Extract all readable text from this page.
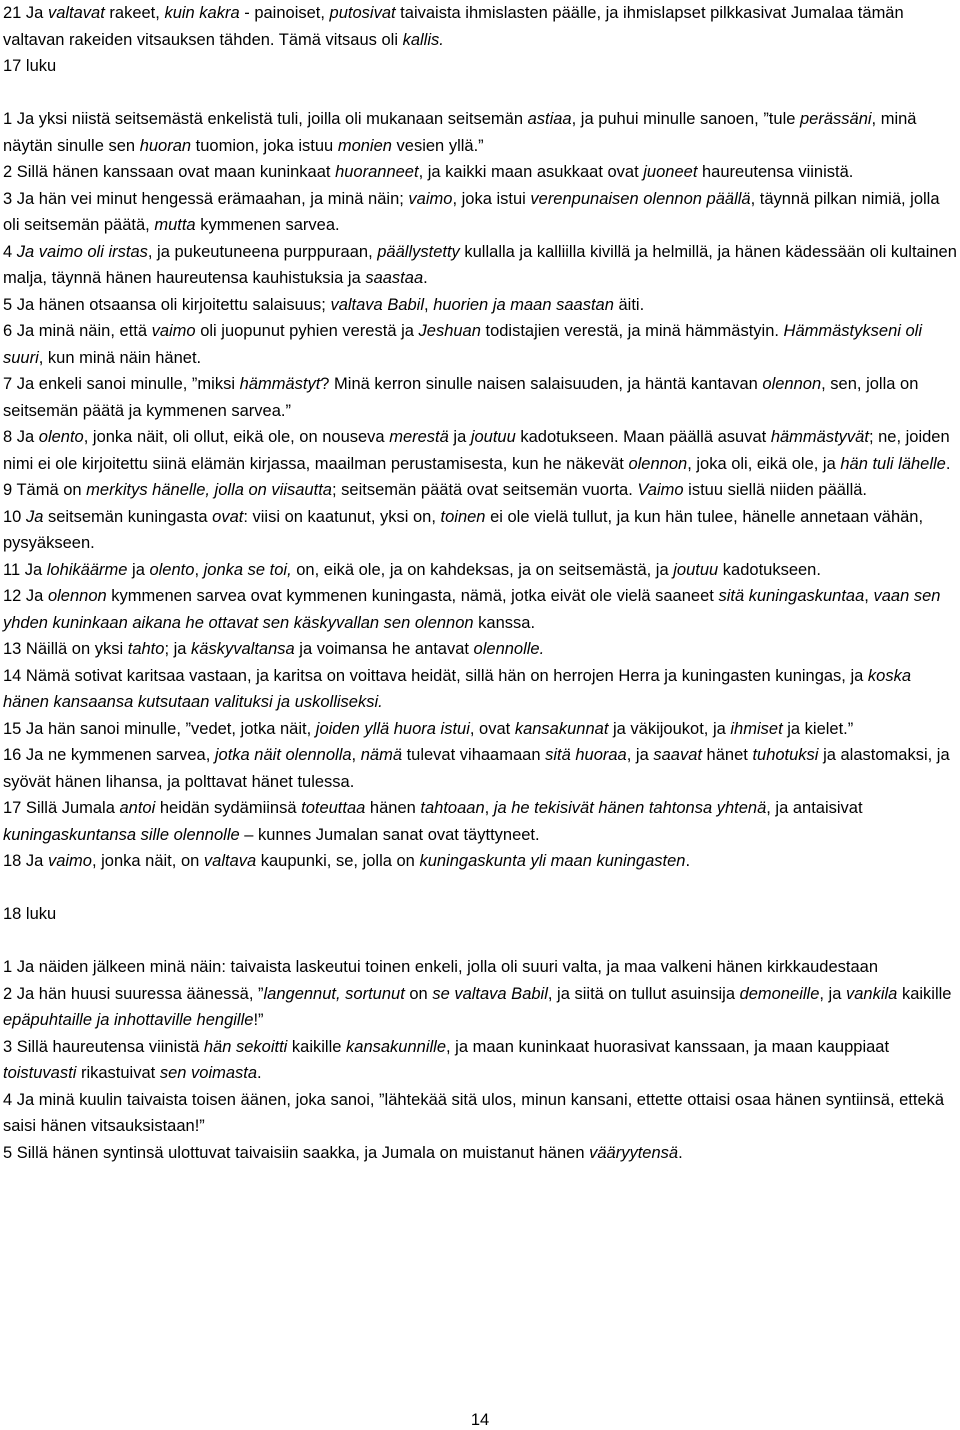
21 Ja valtavat rakeet, kuin kakra - painoiset, putosivat taivaista ihmislasten päälle, ja ihmislapset pilkkasivat Jumalaa tämän valtavan rakeiden vitsauksen tähden. Tämä vitsaus oli kallis.
17 luku
1 Ja yksi niistä seitsemästä enkelistä tuli, joilla oli mukanaan seitsemän astiaa, ja puhui minulle sanoen, ”tule perässäni, minä näytän sinulle sen huoran tuomion, joka istuu monien vesien yllä.”
2 Sillä hänen kanssaan ovat maan kuninkaat huoranneet, ja kaikki maan asukkaat ovat juoneet haureutensa viinistä.
3 Ja hän vei minut hengessä erämaahan, ja minä näin; vaimo, joka istui verenpunaisen olennon päällä, täynnä pilkan nimiä, jolla oli seitsemän päätä, mutta kymmenen sarvea.
4 Ja vaimo oli irstas, ja pukeutuneena purppuraan, päällystetty kullalla ja kalliilla kivillä ja helmillä, ja hänen kädessään oli kultainen malja, täynnä hänen haureutensa kauhistuksia ja saastaa.
5 Ja hänen otsaansa oli kirjoitettu salaisuus; valtava Babil, huorien ja maan saastan äiti.
6 Ja minä näin, että vaimo oli juopunut pyhien verestä ja Jeshuan todistajien verestä, ja minä hämmästyin. Hämmästykseni oli suuri, kun minä näin hänet.
7 Ja enkeli sanoi minulle, ”miksi hämmästyt? Minä kerron sinulle naisen salaisuuden, ja häntä kantavan olennon, sen, jolla on seitsemän päätä ja kymmenen sarvea.”
8 Ja olento, jonka näit, oli ollut, eikä ole, on nouseva merestä ja joutuu kadotukseen. Maan päällä asuvat hämmästyvät; ne, joiden nimi ei ole kirjoitettu siinä elämän kirjassa, maailman perustamisesta, kun he näkevät olennon, joka oli, eikä ole, ja hän tuli lähelle.
9 Tämä on merkitys hänelle, jolla on viisautta; seitsemän päätä ovat seitsemän vuorta. Vaimo istuu siellä niiden päällä.
10 Ja seitsemän kuningasta ovat: viisi on kaatunut, yksi on, toinen ei ole vielä tullut, ja kun hän tulee, hänelle annetaan vähän, pysyäkseen.
11 Ja lohikäärme ja olento, jonka se toi, on, eikä ole, ja on kahdeksas, ja on seitsemästä, ja joutuu kadotukseen.
12 Ja olennon kymmenen sarvea ovat kymmenen kuningasta, nämä, jotka eivät ole vielä saaneet sitä kuningaskuntaa, vaan sen yhden kuninkaan aikana he ottavat sen käskyvallan sen olennon kanssa.
13 Näillä on yksi tahto; ja käskyvaltansa ja voimansa he antavat olennolle.
14 Nämä sotivat karitsaa vastaan, ja karitsa on voittava heidät, sillä hän on herrojen Herra ja kuningasten kuningas, ja koska hänen kansaansa kutsutaan valituksi ja uskolliseksi.
15 Ja hän sanoi minulle, ”vedet, jotka näit, joiden yllä huora istui, ovat kansakunnat ja väkijoukot, ja ihmiset ja kielet.”
16 Ja ne kymmenen sarvea, jotka näit olennolla, nämä tulevat vihaamaan sitä huoraa, ja saavat hänet tuhotuksi ja alastomaksi, ja syövät hänen lihansa, ja polttavat hänet tulessa.
17 Sillä Jumala antoi heidän sydämiinsä toteuttaa hänen tahtoaan, ja he tekisivät hänen tahtonsa yhtenä, ja antaisivat kuningaskuntansa sille olennolle – kunnes Jumalan sanat ovat täyttyneet.
18 Ja vaimo, jonka näit, on valtava kaupunki, se, jolla on kuningaskunta yli maan kuningasten.
18 luku
1 Ja näiden jälkeen minä näin: taivaista laskeutui toinen enkeli, jolla oli suuri valta, ja maa valkeni hänen kirkkaudestaan
2 Ja hän huusi suuressa äänessä, ”langennut, sortunut on se valtava Babil, ja siitä on tullut asuinsija demoneille, ja vankila kaikille epäpuhtaille ja inhottaville hengille!”
3 Sillä haureutensa viinistä hän sekoitti kaikille kansakunnille, ja maan kuninkaat huorasivat kanssaan, ja maan kauppiaat toistuvasti rikastuivat sen voimasta.
4 Ja minä kuulin taivaista toisen äänen, joka sanoi, ”lähtekää sitä ulos, minun kansani, ettette ottaisi osaa hänen syntiinsä, ettekä saisi hänen vitsauksistaan!”
5 Sillä hänen syntinsä ulottuvat taivaisiin saakka, ja Jumala on muistanut hänen vääryytensä.
14
